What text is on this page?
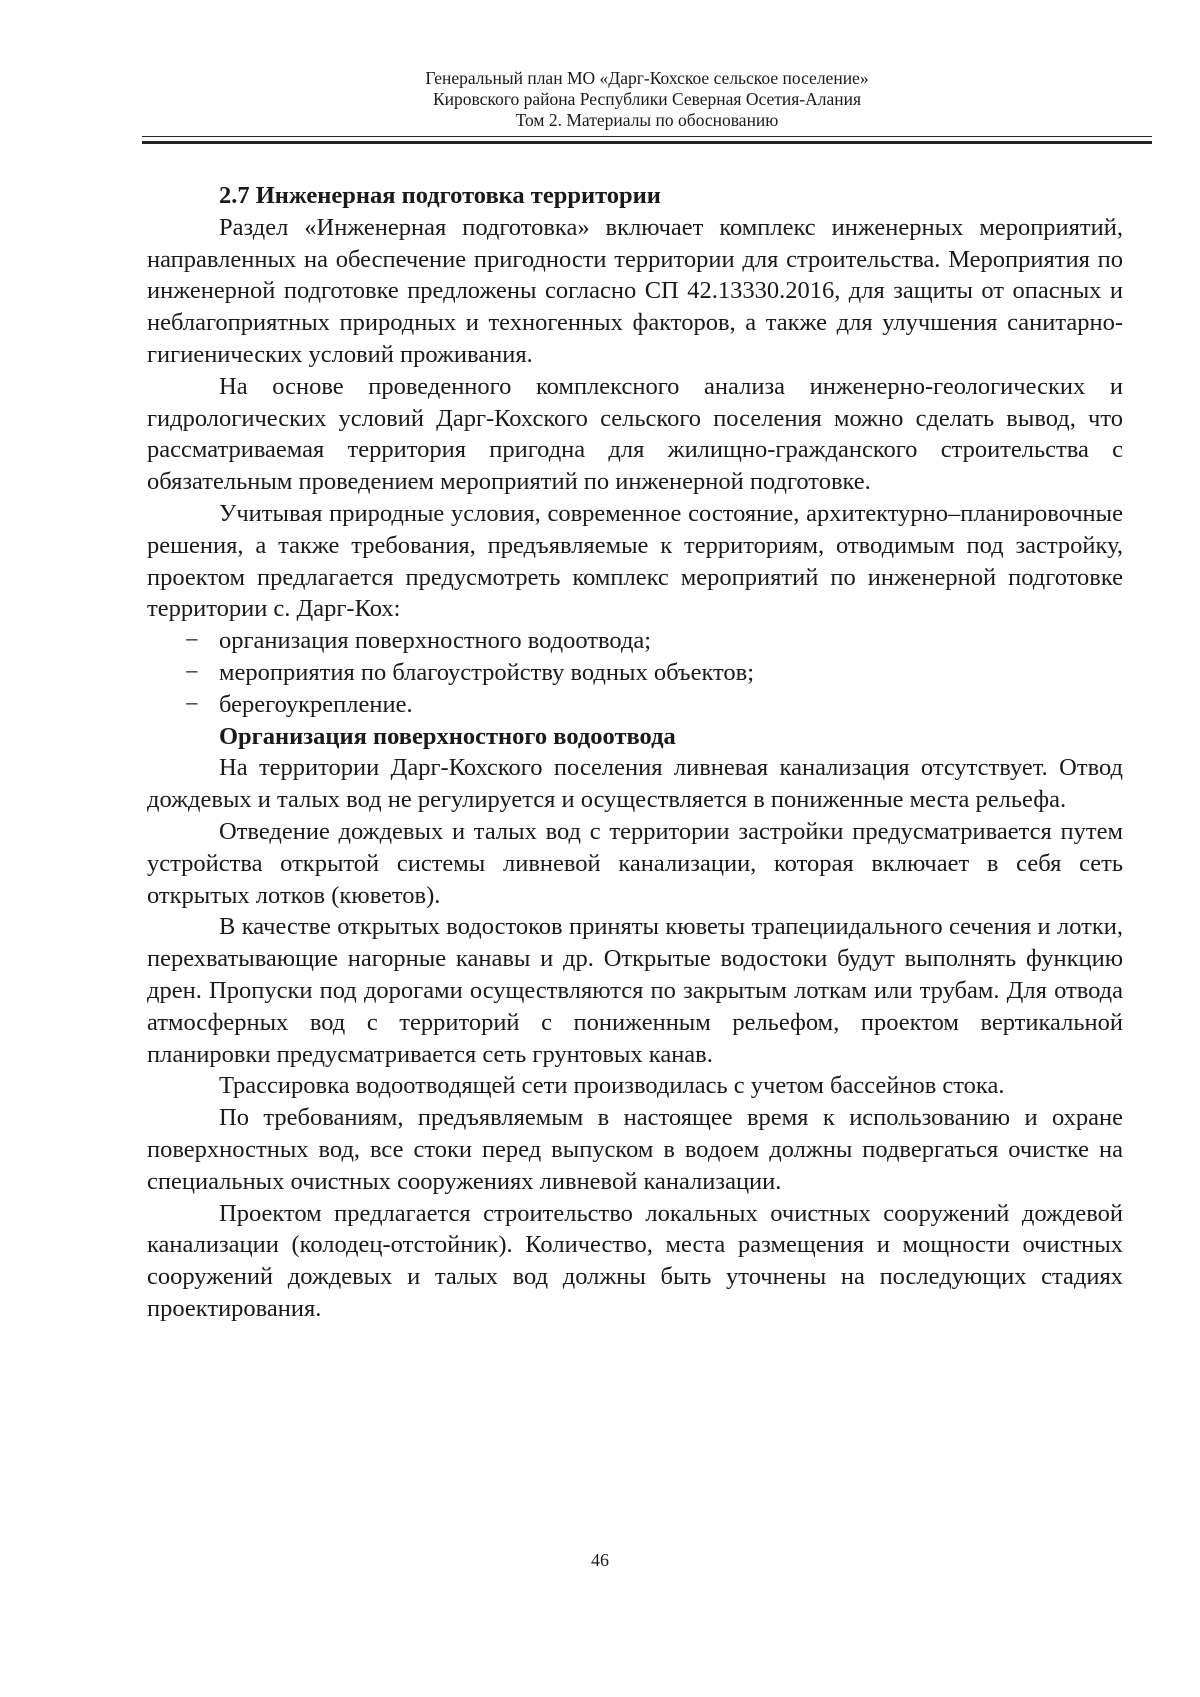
Генеральный план МО «Дарг-Кохское сельское поселение»
Кировского района Республики Северная Осетия-Алания
Том 2. Материалы по обоснованию
2.7 Инженерная подготовка территории
Раздел «Инженерная подготовка» включает комплекс инженерных мероприятий, направленных на обеспечение пригодности территории для строительства. Мероприятия по инженерной подготовке предложены согласно СП 42.13330.2016, для защиты от опасных и неблагоприятных природных и техногенных факторов, а также для улучшения санитарно-гигиенических условий проживания.
На основе проведенного комплексного анализа инженерно-геологических и гидрологических условий Дарг-Кохского сельского поселения можно сделать вывод, что рассматриваемая территория пригодна для жилищно-гражданского строительства с обязательным проведением мероприятий по инженерной подготовке.
Учитывая природные условия, современное состояние, архитектурно–планировочные решения, а также требования, предъявляемые к территориям, отводимым под застройку, проектом предлагается предусмотреть комплекс мероприятий по инженерной подготовке территории с. Дарг-Кох:
− организация поверхностного водоотвода;
− мероприятия по благоустройству водных объектов;
− берегоукрепление.
Организация поверхностного водоотвода
На территории Дарг-Кохского поселения ливневая канализация отсутствует. Отвод дождевых и талых вод не регулируется и осуществляется в пониженные места рельефа.
Отведение дождевых и талых вод с территории застройки предусматривается путем устройства открытой системы ливневой канализации, которая включает в себя сеть открытых лотков (кюветов).
В качестве открытых водостоков приняты кюветы трапециидального сечения и лотки, перехватывающие нагорные канавы и др. Открытые водостоки будут выполнять функцию дрен. Пропуски под дорогами осуществляются по закрытым лоткам или трубам. Для отвода атмосферных вод с территорий с пониженным рельефом, проектом вертикальной планировки предусматривается сеть грунтовых канав.
Трассировка водоотводящей сети производилась с учетом бассейнов стока.
По требованиям, предъявляемым в настоящее время к использованию и охране поверхностных вод, все стоки перед выпуском в водоем должны подвергаться очистке на специальных очистных сооружениях ливневой канализации.
Проектом предлагается строительство локальных очистных сооружений дождевой канализации (колодец-отстойник). Количество, места размещения и мощности очистных сооружений дождевых и талых вод должны быть уточнены на последующих стадиях проектирования.
46
